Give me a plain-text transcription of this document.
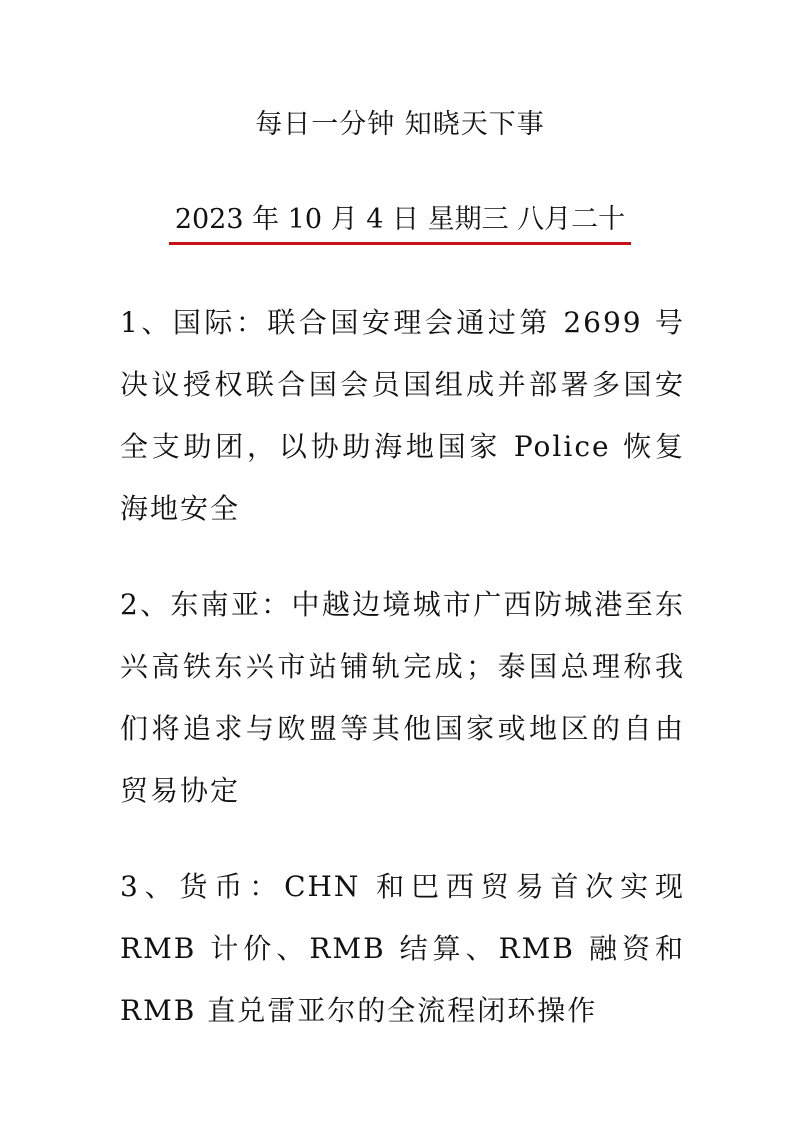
每日一分钟 知晓天下事
2023 年 10 月 4 日 星期三 八月二十
1、国际：联合国安理会通过第 2699 号决议授权联合国会员国组成并部署多国安全支助团，以协助海地国家 Police 恢复海地安全
2、东南亚：中越边境城市广西防城港至东兴高铁东兴市站铺轨完成；泰国总理称我们将追求与欧盟等其他国家或地区的自由贸易协定
3、货币：CHN 和巴西贸易首次实现 RMB 计价、RMB 结算、RMB 融资和 RMB 直兑雷亚尔的全流程闭环操作
